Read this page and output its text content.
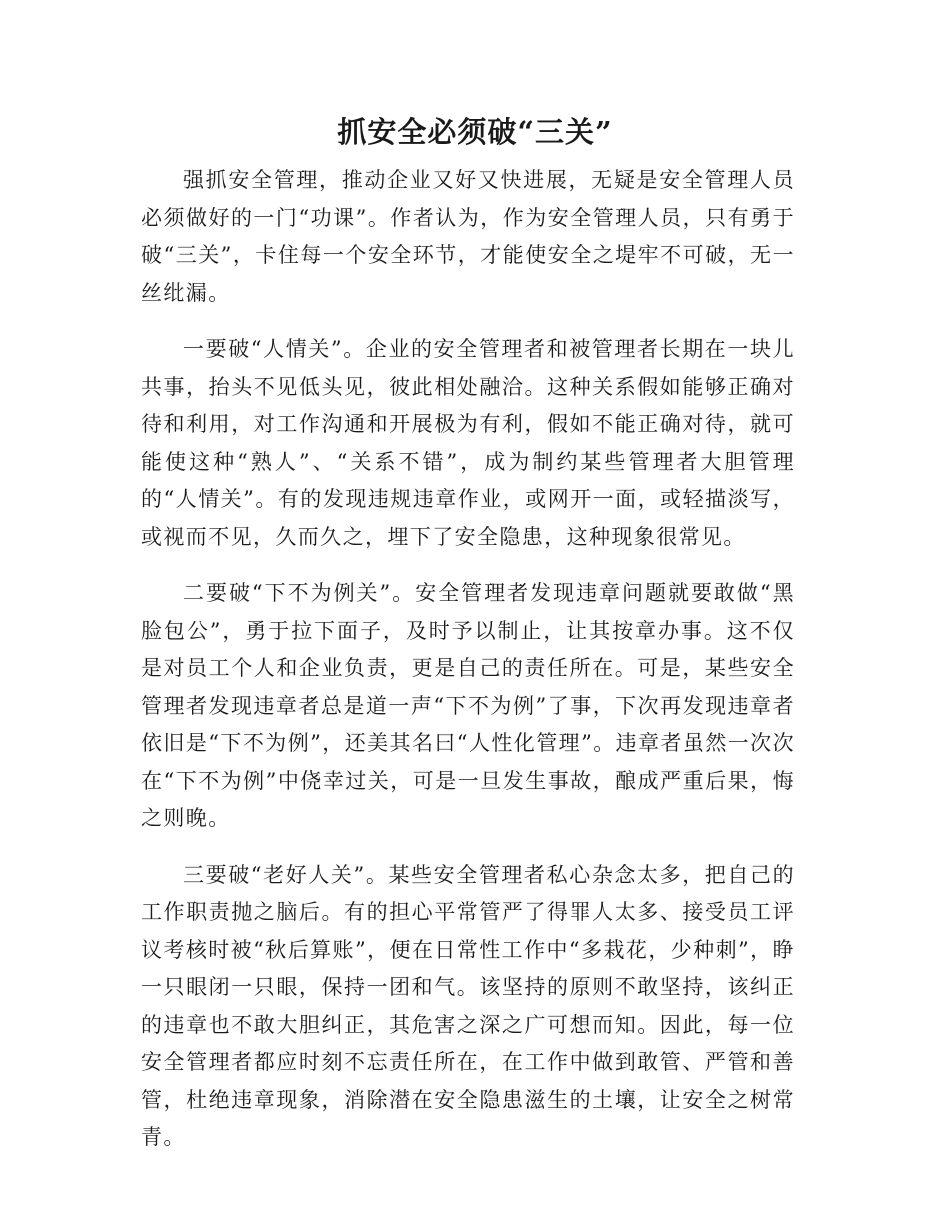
抓安全必须破“三关”

强抓安全管理，推动企业又好又快进展，无疑是安全管理人员必须做好的一门“功课”。作者认为，作为安全管理人员，只有勇于破“三关”，卡住每一个安全环节，才能使安全之堤牢不可破，无一丝纰漏。

一要破“人情关”。企业的安全管理者和被管理者长期在一块儿共事，抬头不见低头见，彼此相处融洽。这种关系假如能够正确对待和利用，对工作沟通和开展极为有利，假如不能正确对待，就可能使这种“熟人”、“关系不错”，成为制约某些管理者大胆管理的“人情关”。有的发现违规违章作业，或网开一面，或轻描淡写，或视而不见，久而久之，埋下了安全隐患，这种现象很常见。

二要破“下不为例关”。安全管理者发现违章问题就要敢做“黑脸包公”，勇于拉下面子，及时予以制止，让其按章办事。这不仅是对员工个人和企业负责，更是自己的责任所在。可是，某些安全管理者发现违章者总是道一声“下不为例”了事，下次再发现违章者依旧是“下不为例”，还美其名曰“人性化管理”。违章者虽然一次次在“下不为例”中侥幸过关，可是一旦发生事故，酿成严重后果，悔之则晚。

三要破“老好人关”。某些安全管理者私心杂念太多，把自己的工作职责抛之脑后。有的担心平常管严了得罪人太多、接受员工评议考核时被“秋后算账”，便在日常性工作中“多栽花，少种刺”，睁一只眼闭一只眼，保持一团和气。该坚持的原则不敢坚持，该纠正的违章也不敢大胆纠正，其危害之深之广可想而知。因此，每一位安全管理者都应时刻不忘责任所在，在工作中做到敢管、严管和善管，杜绝违章现象，消除潜在安全隐患滋生的土壤，让安全之树常青。
